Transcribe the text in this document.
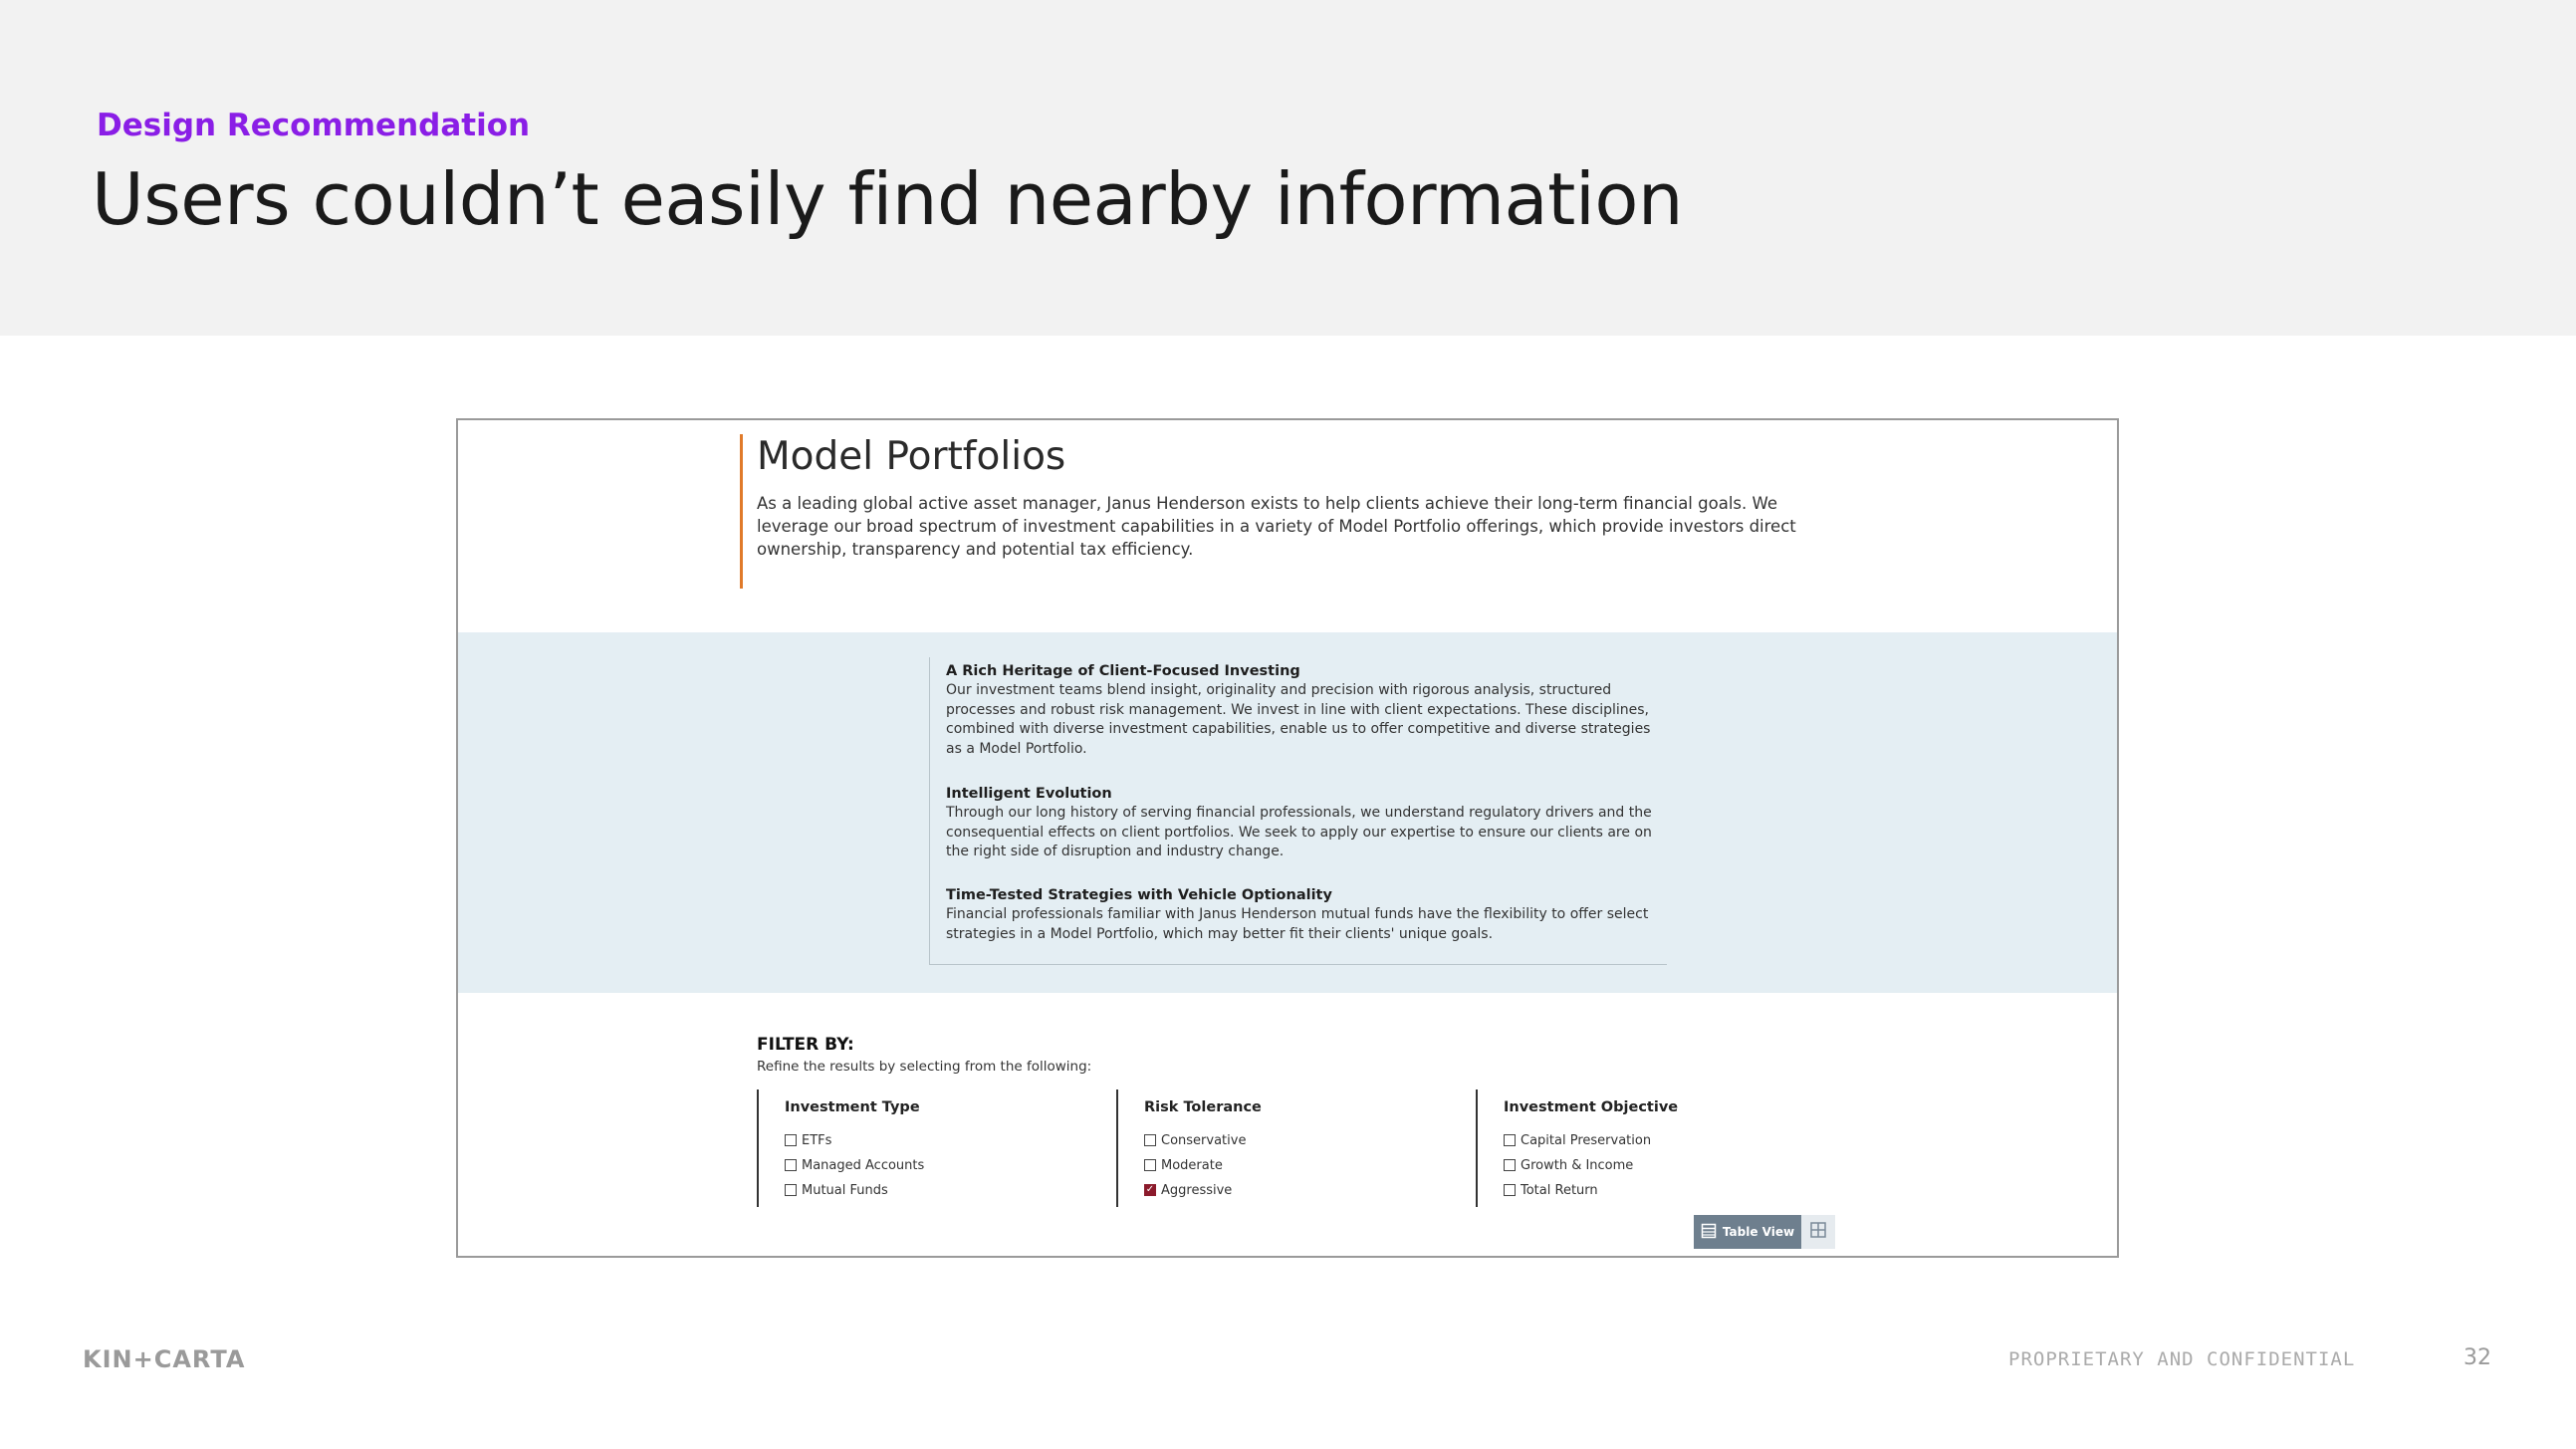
Design Recommendation
Users couldn’t easily find nearby information
Model Portfolios
As a leading global active asset manager, Janus Henderson exists to help clients achieve their long-term financial goals. We leverage our broad spectrum of investment capabilities in a variety of Model Portfolio offerings, which provide investors direct ownership, transparency and potential tax efficiency.
A Rich Heritage of Client-Focused Investing
Our investment teams blend insight, originality and precision with rigorous analysis, structured processes and robust risk management. We invest in line with client expectations. These disciplines, combined with diverse investment capabilities, enable us to offer competitive and diverse strategies as a Model Portfolio.
Intelligent Evolution
Through our long history of serving financial professionals, we understand regulatory drivers and the consequential effects on client portfolios. We seek to apply our expertise to ensure our clients are on the right side of disruption and industry change.
Time-Tested Strategies with Vehicle Optionality
Financial professionals familiar with Janus Henderson mutual funds have the flexibility to offer select strategies in a Model Portfolio, which may better fit their clients' unique goals.
FILTER BY:
Refine the results by selecting from the following:
Investment Type
ETFs
Managed Accounts
Mutual Funds
Risk Tolerance
Conservative
Moderate
✓ Aggressive
Investment Objective
Capital Preservation
Growth & Income
Total Return
Table View
KIN+CARTA	PROPRIETARY AND CONFIDENTIAL	32
